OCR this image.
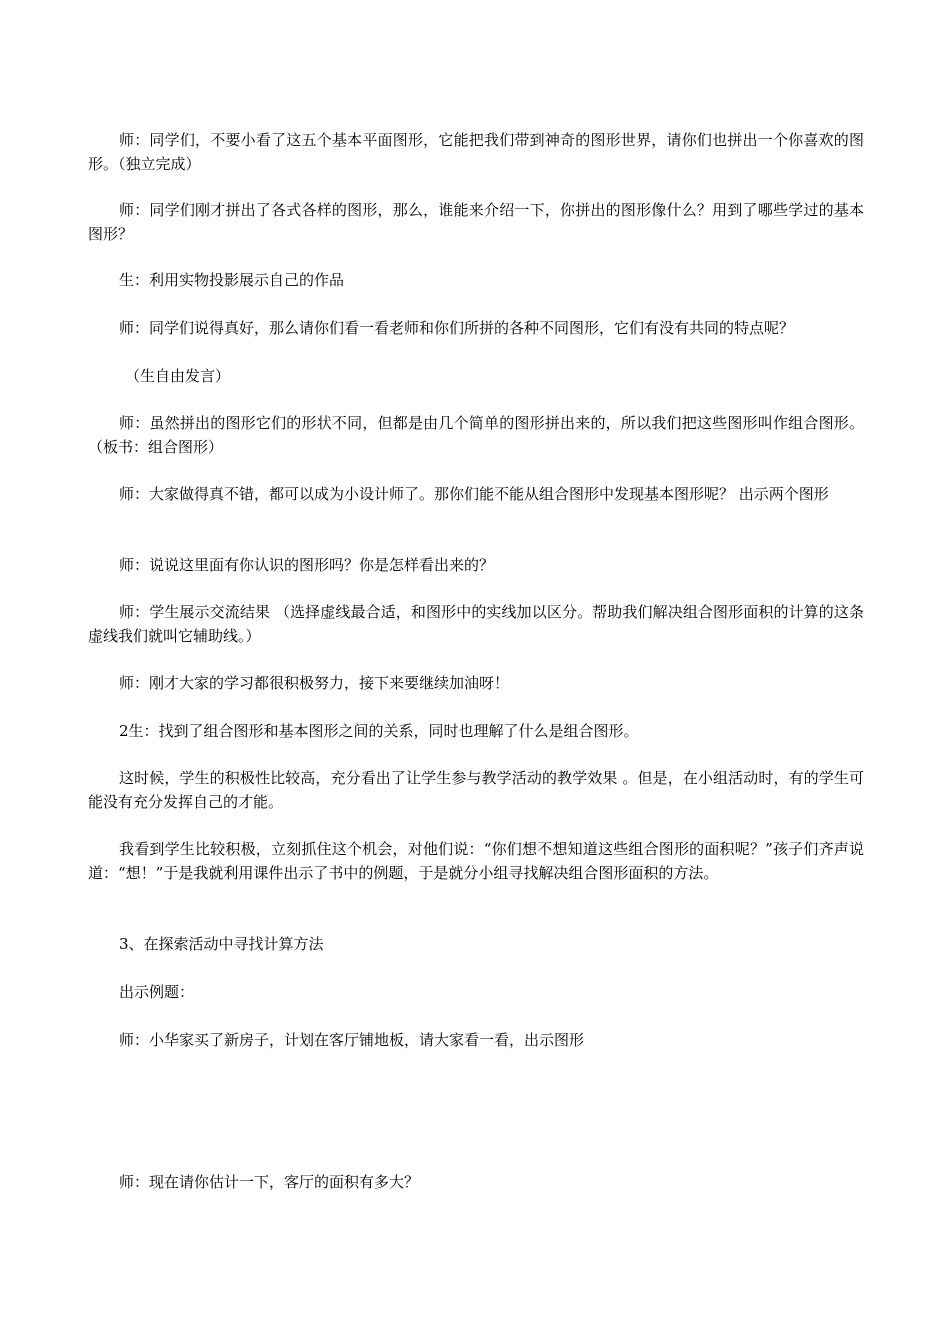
师：同学们，不要小看了这五个基本平面图形，它能把我们带到神奇的图形世界，请你们也拼出一个你喜欢的图形。（独立完成）

师：同学们刚才拼出了各式各样的图形，那么，谁能来介绍一下，你拼出的图形像什么？用到了哪些学过的基本图形？

生：利用实物投影展示自己的作品

师：同学们说得真好，那么请你们看一看老师和你们所拼的各种不同图形，它们有没有共同的特点呢？

（生自由发言）

师：虽然拼出的图形它们的形状不同，但都是由几个简单的图形拼出来的，所以我们把这些图形叫作组合图形。（板书：组合图形）

师：大家做得真不错，都可以成为小设计师了。那你们能不能从组合图形中发现基本图形呢？ 出示两个图形

师：说说这里面有你认识的图形吗？你是怎样看出来的？

师：学生展示交流结果 （选择虚线最合适，和图形中的实线加以区分。帮助我们解决组合图形面积的计算的这条虚线我们就叫它辅助线。）

师：刚才大家的学习都很积极努力，接下来要继续加油呀！

2生：找到了组合图形和基本图形之间的关系，同时也理解了什么是组合图形。

这时候，学生的积极性比较高，充分看出了让学生参与教学活动的教学效果 。但是，在小组活动时，有的学生可能没有充分发挥自己的才能。

我看到学生比较积极，立刻抓住这个机会，对他们说：“你们想不想知道这些组合图形的面积呢？”孩子们齐声说道：“想！”于是我就利用课件出示了书中的例题，于是就分小组寻找解决组合图形面积的方法。

3、在探索活动中寻找计算方法

出示例题：

师：小华家买了新房子，计划在客厅铺地板，请大家看一看，出示图形

师：现在请你估计一下，客厅的面积有多大？
